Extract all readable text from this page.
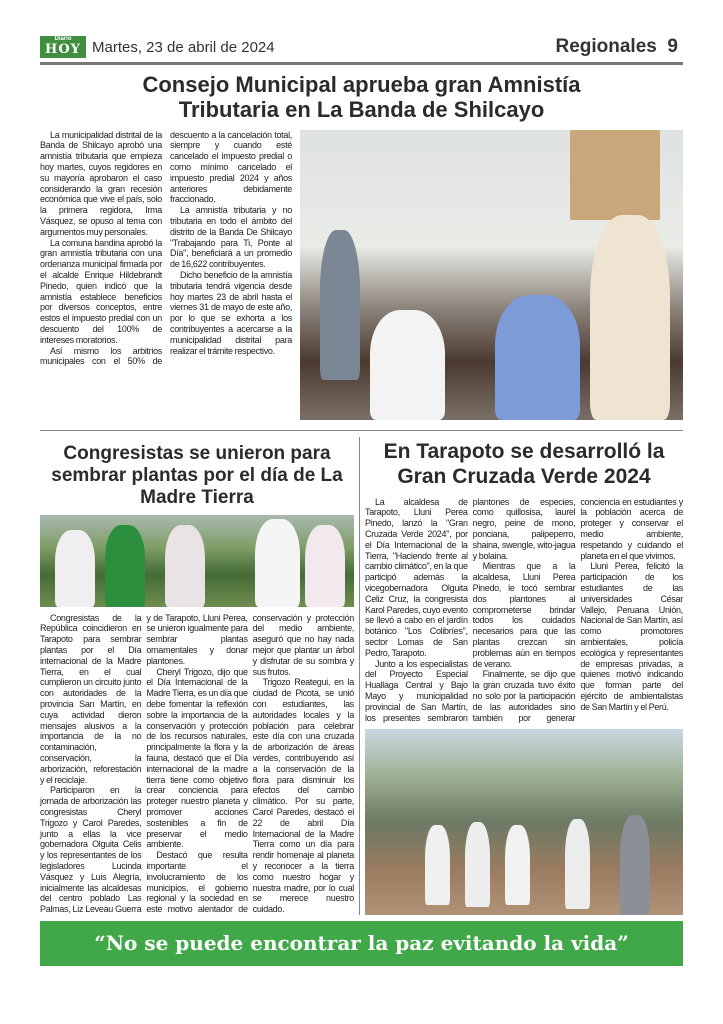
Diario
HOY Martes, 23 de abril de 2024	Regionales 9
Consejo Municipal aprueba gran Amnistía Tributaria en La Banda de Shilcayo

La municipalidad distrital de la Banda de Shilcayo aprobó una amnistía tributaria que empieza hoy martes, cuyos regidores en su mayoría aprobaron el caso considerando la gran recesión económica que vive el país, solo la primera regidora, Irma Vásquez, se opuso al tema con argumentos muy personales.

La comuna bandina aprobó la gran amnistía tributaria con una ordenanza municipal firmada por el alcalde Enrique Hildebrandt Pinedo, quien indicó que la amnistía establece beneficios por diversos conceptos, entre estos el impuesto predial con un descuento del 100% de intereses moratorios.

Así mismo los arbitrios municipales con el 50% de descuento a la cancelación total, siempre y cuando esté cancelado el impuesto predial o como mínimo cancelado el impuesto predial 2024 y años anteriores debidamente fraccionado.

La amnistía tributaria y no tributaria en todo el ámbito del distrito de la Banda De Shilcayo "Trabajando para Ti, Ponte al Día", beneficiará a un promedio de 16,622 contribuyentes.

Dicho beneficio de la amnistía tributaria tendrá vigencia desde hoy martes 23 de abril hasta el viernes 31 de mayo de este año, por lo que se exhorta a los contribuyentes a acercarse a la municipalidad distrital para realizar el trámite respectivo.

Congresistas se unieron para sembrar plantas por el día de La Madre Tierra

Congresistas de la República coincidieron en Tarapoto para sembrar plantas por el Día internacional de la Madre Tierra, en el cual cumplieron un circuito junto con autoridades de la provincia San Martín, en cuya actividad dieron mensajes alusivos a la importancia de la no contaminación, conservación, la arborización, reforestación y el reciclaje.

Participaron en la jornada de arborización las congresistas Cheryl Trigozo y Carol Paredes, junto a ellas la vice gobernadora Olguita Celis y los representantes de los legisladores Lucinda Vásquez y Luis Alegría, inicialmente las alcaldesas del centro poblado Las Palmas, Liz Leveau Guerra y de Tarapoto, Lluni Perea, se unieron igualmente para sembrar plantas ornamentales y donar plantones.

Cheryl Trigozo, dijo que el Día Internacional de la Madre Tierra, es un día que debe fomentar la reflexión sobre la importancia de la conservación y protección de los recursos naturales, principalmente la flora y la fauna, destacó que el Día internacional de la madre tierra tiene como objetivo crear conciencia para proteger nuestro planeta y promover acciones sostenibles a fin de preservar el medio ambiente.

Destacó que resulta importante el involucramiento de los municipios, el gobierno regional y la sociedad en este motivo alentador de conservación y protección del medio ambiente, aseguró que no hay nada mejor que plantar un árbol y disfrutar de su sombra y sus frutos.

Trigozo Reategui, en la ciudad de Picota, se unió con estudiantes, las autoridades locales y la población para celebrar este día con una cruzada de arborización de áreas verdes, contribuyendo así a la conservación de la flora para disminuir los efectos del cambio climático. Por su parte, Carol Paredes, destacó el 22 de abril Día Internacional de la Madre Tierra como un día para rendir homenaje al planeta y reconocer a la tierra como nuestro hogar y nuestra madre, por lo cual se merece nuestro cuidado.

En Tarapoto se desarrolló la Gran Cruzada Verde 2024

La alcaldesa de Tarapoto, Lluni Perea Pinedo, lanzó la "Gran Cruzada Verde 2024", por el Día Internacional de la Tierra, "Haciendo frente al cambio climático", en la que participó además la vicegobernadora Olguita Celiz Cruz, la congresista Karol Paredes, cuyo evento se llevó a cabo en el jardín botánico "Los Colibríes", sector Lomas de San Pedro, Tarapoto.

Junto a los especialistas del Proyecto Especial Huallaga Central y Bajo Mayo y municipalidad provincial de San Martín, los presentes sembraron plantones de especies, como quillosisa, laurel negro, peine de mono, ponciana, palipeperro, shaina, swengle, wito-jagua y bolaina.

Mientras que a la alcaldesa, Lluni Perea Pinedo, le tocó sembrar dos plantones al comprometerse brindar todos los cuidados necesarios para que las plantas crezcan sin problemas aún en tiempos de verano.

Finalmente, se dijo que la gran cruzada tuvo éxito no solo por la participación de las autoridades sino también por generar conciencia en estudiantes y la población acerca de proteger y conservar el medio ambiente, respetando y cuidando el planeta en el que vivimos.

Lluni Perea, felicitó la participación de los estudiantes de las universidades César Vallejo, Peruana Unión, Nacional de San Martín, así como promotores ambientales, policía ecológica y representantes de empresas privadas, a quienes motivó indicando que forman parte del ejército de ambientalistas de San Martín y el Perú.

“No se puede encontrar la paz evitando la vida”
